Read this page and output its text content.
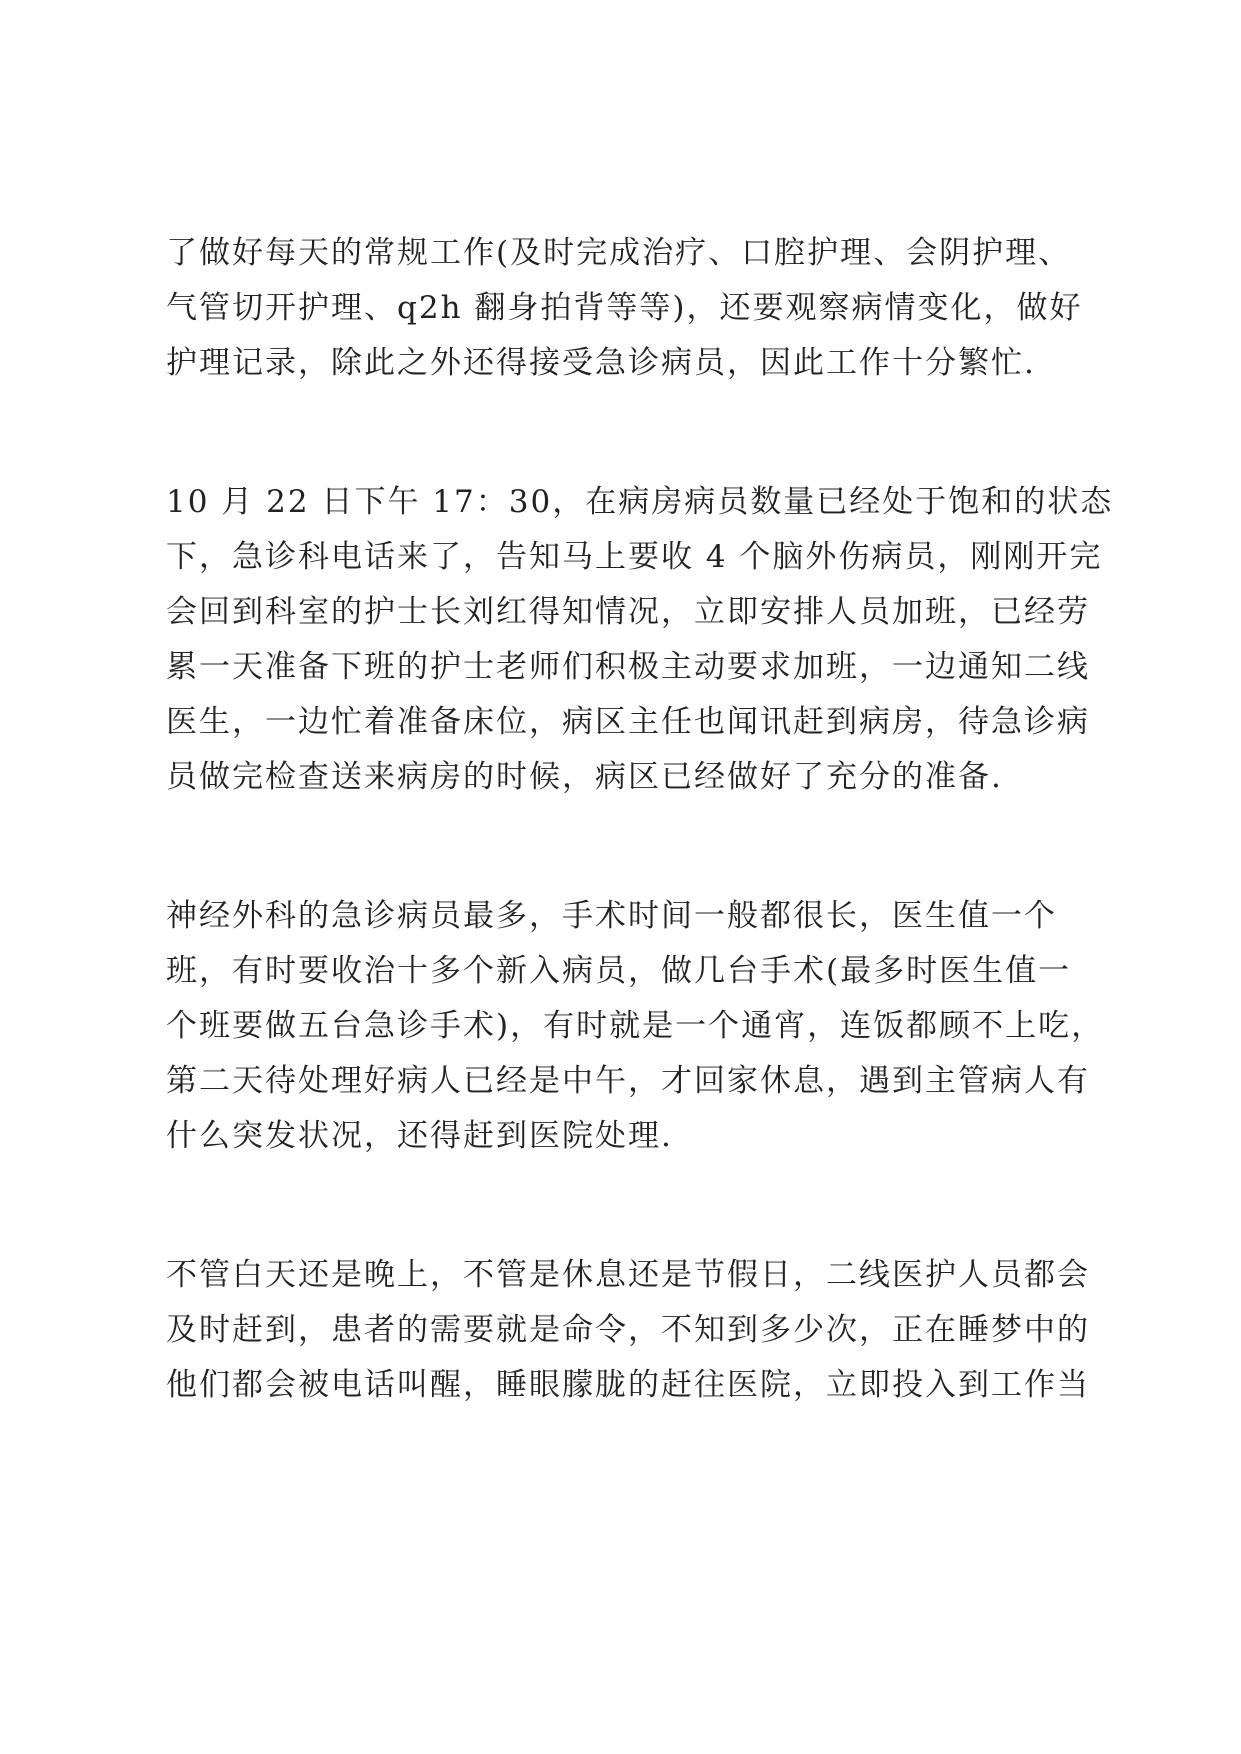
了做好每天的常规工作(及时完成治疗、口腔护理、会阴护理、
气管切开护理、q2h 翻身拍背等等)，还要观察病情变化，做好
护理记录，除此之外还得接受急诊病员，因此工作十分繁忙.
10 月 22 日下午 17：30，在病房病员数量已经处于饱和的状态
下，急诊科电话来了，告知马上要收 4 个脑外伤病员，刚刚开完
会回到科室的护士长刘红得知情况，立即安排人员加班，已经劳
累一天准备下班的护士老师们积极主动要求加班，一边通知二线
医生，一边忙着准备床位，病区主任也闻讯赶到病房，待急诊病
员做完检查送来病房的时候，病区已经做好了充分的准备.
神经外科的急诊病员最多，手术时间一般都很长，医生值一个
班，有时要收治十多个新入病员，做几台手术(最多时医生值一
个班要做五台急诊手术)，有时就是一个通宵，连饭都顾不上吃，
第二天待处理好病人已经是中午，才回家休息，遇到主管病人有
什么突发状况，还得赶到医院处理.
不管白天还是晚上，不管是休息还是节假日，二线医护人员都会
及时赶到，患者的需要就是命令，不知到多少次，正在睡梦中的
他们都会被电话叫醒，睡眼朦胧的赶往医院，立即投入到工作当
